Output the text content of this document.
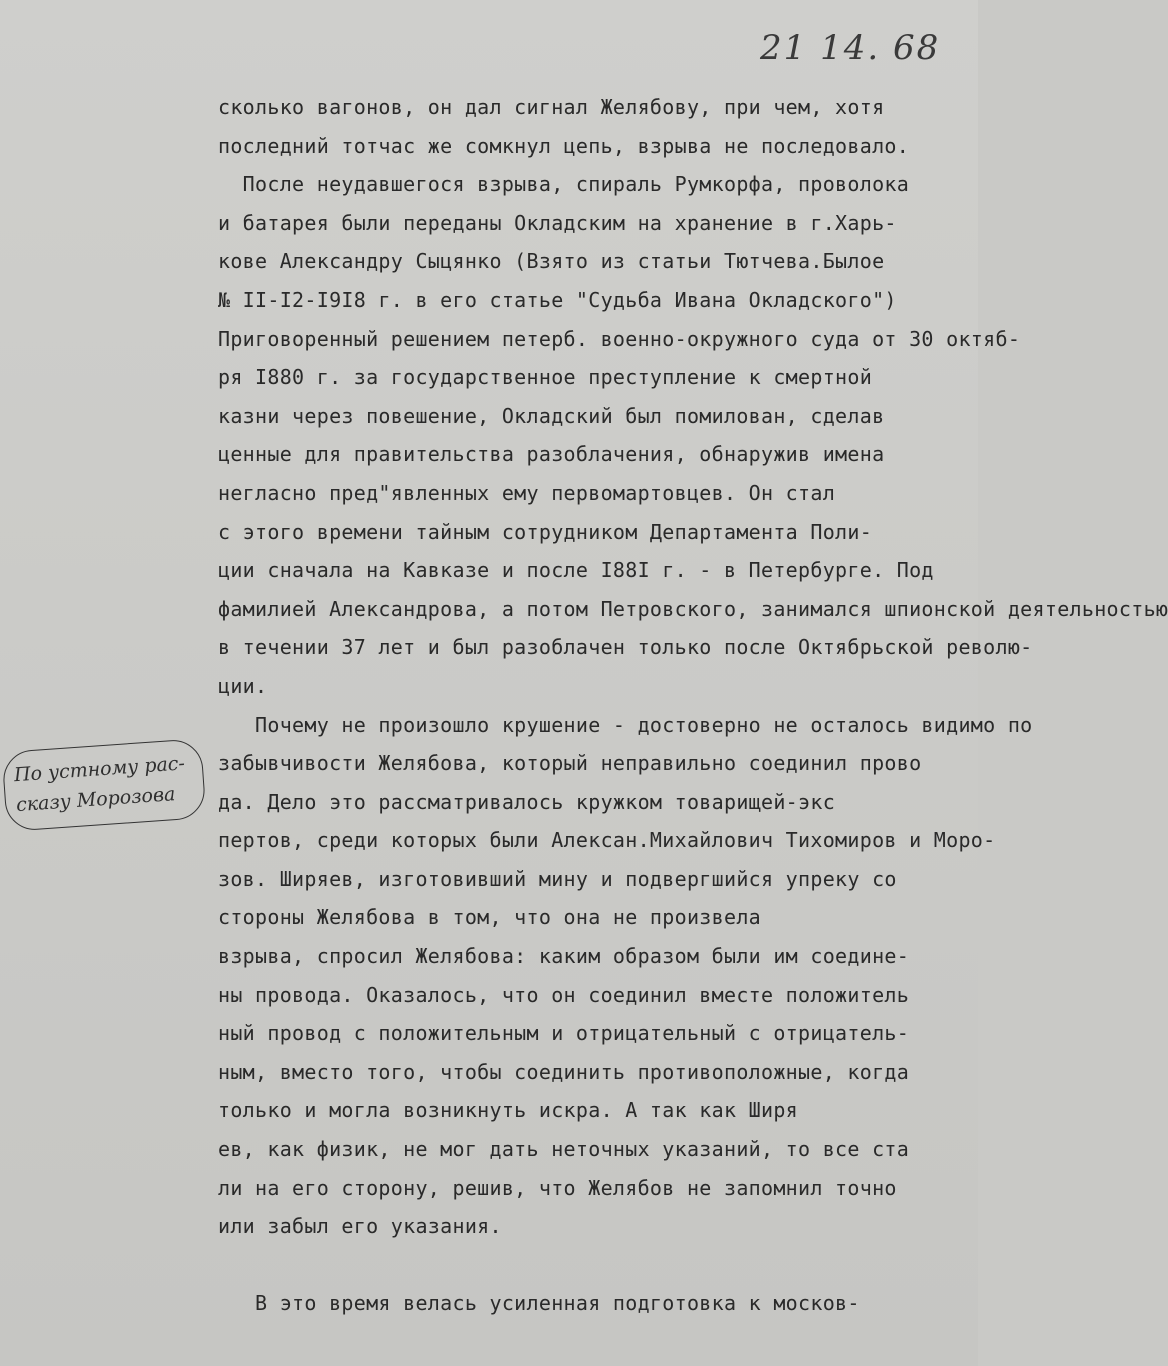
21 14. 68
По устному рас-
сказу Морозова
сколько вагонов, он дал сигнал Желябову, при чем, хотя
последний тотчас же сомкнул цепь, взрыва не последовало.
После неудавшегося взрыва, спираль Румкорфа, проволока
и батарея были переданы Окладским на хранение в г.Харь-
кове Александру Сыцянко (Взято из статьи Тютчева.Былое
№ II-I2-I9I8 г. в его статье "Судьба Ивана Окладского")
Приговоренный решением петерб. военно-окружного суда от 30 октяб-
ря I880 г. за государственное преступление к смертной
казни через повешение, Окладский был помилован, сделав
ценные для правительства разоблачения, обнаружив имена
негласно пред"явленных ему первомартовцев. Он стал
с этого времени тайным сотрудником Департамента Поли-
ции сначала на Кавказе и после I88I г. - в Петербурге. Под
фамилией Александрова, а потом Петровского, занимался шпионской деятельностью
в течении 37 лет и был разоблачен только после Октябрьской револю-
ции.
Почему не произошло крушение - достоверно не осталось видимо по
забывчивости Желябова, который неправильно соединил прово
да. Дело это рассматривалось кружком товарищей-экс
пертов, среди которых были Алексан.Михайлович Тихомиров и Моро-
зов. Ширяев, изготовивший мину и подвергшийся упреку со
стороны Желябова в том, что она не произвела
взрыва, спросил Желябова: каким образом были им соедине-
ны провода. Оказалось, что он соединил вместе положитель
ный провод с положительным и отрицательный с отрицатель-
ным, вместо того, чтобы соединить противоположные, когда
только и могла возникнуть искра. А так как Ширя
ев, как физик, не мог дать неточных указаний, то все ста
ли на его сторону, решив, что Желябов не запомнил точно
или забыл его указания.
В это время велась усиленная подготовка к москов-
